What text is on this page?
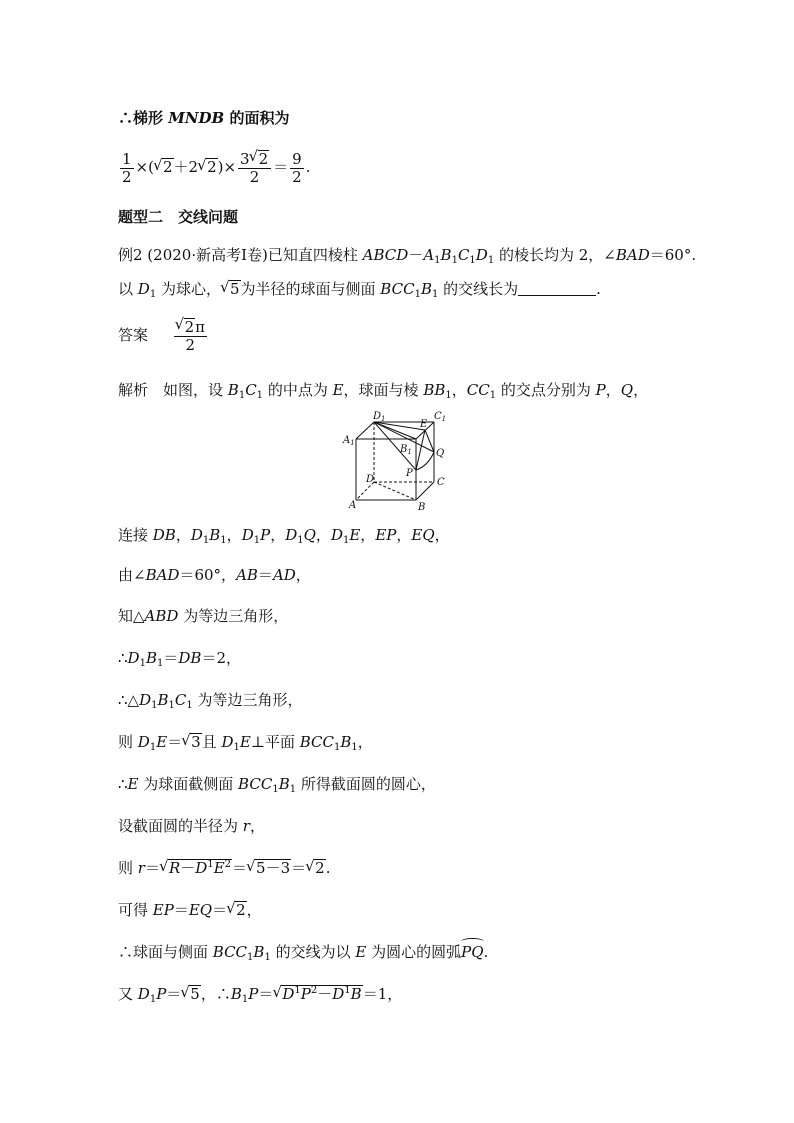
∴梯形 MNDB 的面积为
$\frac{1}{2}$ ×(√ 2＋2√ $2)\times \frac{3√ 2}{2} = \frac{9}{2}$ .
题型二　交线问题
例2 (2020·新高考Ⅰ卷)已知直四棱柱 $ABCD-A_1B_1C_1D_1$ 的棱长均为 2，∠BAD＝60°.
以 $D_1$ 为球心，√ 5为半径的球面与侧面 $BCC_1B_1$ 的交线长为	.
答案
√ $\frac{2\pi}{2}$
解析　如图，设 $B_1C_1$ 的中点为 E，球面与棱 $BB_1$，$CC_1$ 的交点分别为 P，Q，
$D_1$	E
$C_1$
$A_1$
$B_1$ Q
P
D	C
A	B
连接 DB，$D_1B_1$，$D_1P$，$D_1Q$，$D_1E$，EP，EQ，
由∠BAD＝60°，AB＝AD，
知△ABD 为等边三角形，
$\therefore D_1B_1=DB=2$，
$\therefore\triangle D_1B_1C_1$ 为等边三角形，
则 $D_1E=√$ 3且 $D_1E\perp$平面 $BCC_1B_1$，
∴E 为球面截侧面 $BCC_1B_1$ 所得截面圆的圆心，
设截面圆的半径为 r，
则 r＝√ $R-D^1E^2=√$ 5－3＝√ 2.
可得 EP＝EQ＝√ 2，
∴球面与侧面 $BCC_1B_1$ 的交线为以 E 为圆心的圆弧PQ.
又 $D_1P=√$ 5，$\therefore B_1P=√$ $D^1P^2-D^1B=1$，
